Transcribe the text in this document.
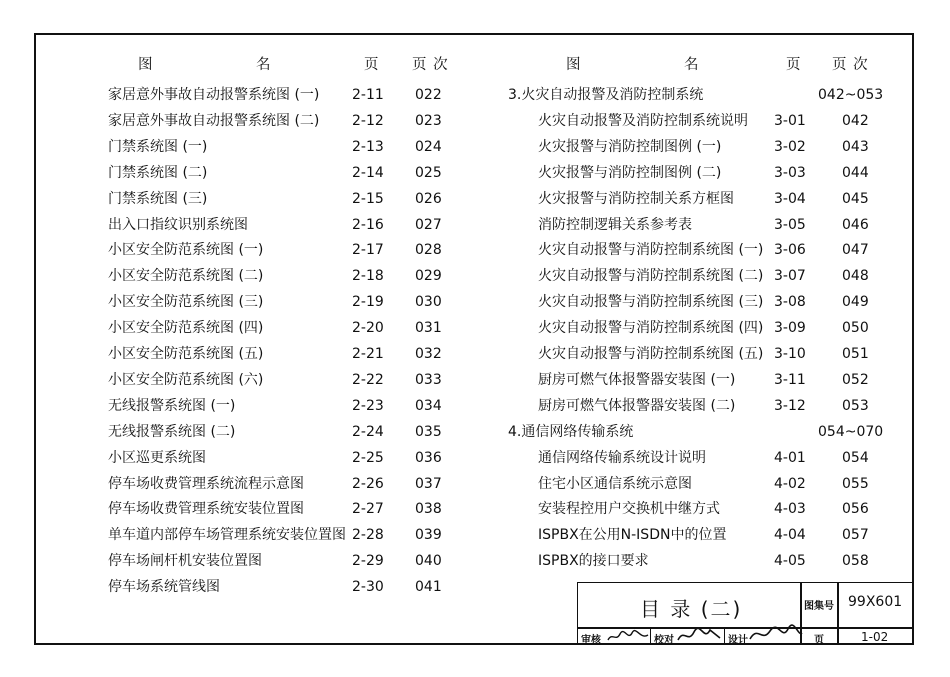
图	名	页 页 次	图	名	页 页 次
家居意外事故自动报警系统图 (一) 2-11 022
家居意外事故自动报警系统图 (二) 2-12 023
门禁系统图 (一)	2-13 024
门禁系统图 (二)	2-14 025
门禁系统图 (三)	2-15 026
出入口指纹识别系统图	2-16 027
小区安全防范系统图 (一)	2-17 028
小区安全防范系统图 (二)	2-18 029
小区安全防范系统图 (三)	2-19 030
小区安全防范系统图 (四)	2-20 031
小区安全防范系统图 (五)	2-21 032
小区安全防范系统图 (六)	2-22 033
无线报警系统图 (一)	2-23 034
无线报警系统图 (二)	2-24 035
小区巡更系统图	2-25 036
停车场收费管理系统流程示意图	2-26 037
停车场收费管理系统安装位置图	2-27 038
单车道内部停车场管理系统安装位置图 2-28 039
停车场闸杆机安装位置图	2-29 040
停车场系统管线图	2-30 041
3.火灾自动报警及消防控制系统	042~053
火灾自动报警及消防控制系统说明 3-01	042
火灾报警与消防控制图例 (一)	3-02	043
火灾报警与消防控制图例 (二)	3-03	044
火灾报警与消防控制关系方框图	3-04	045
消防控制逻辑关系参考表	3-05	046
火灾自动报警与消防控制系统图 (一) 3-06	047
火灾自动报警与消防控制系统图 (二) 3-07	048
火灾自动报警与消防控制系统图 (三) 3-08	049
火灾自动报警与消防控制系统图 (四) 3-09	050
火灾自动报警与消防控制系统图 (五) 3-10	051
厨房可燃气体报警器安装图 (一)	3-11	052
厨房可燃气体报警器安装图 (二)	3-12	053
4.通信网络传输系统	054~070
通信网络传输系统设计说明	4-01	054
住宅小区通信系统示意图	4-02	055
安装程控用户交换机中继方式	4-03	056
ISPBX在公用N-ISDN中的位置	4-04	057
ISPBX的接口要求	4-05	058
目 录 (二)	图集号 99X601
审核	校对	设计	页	1-02
